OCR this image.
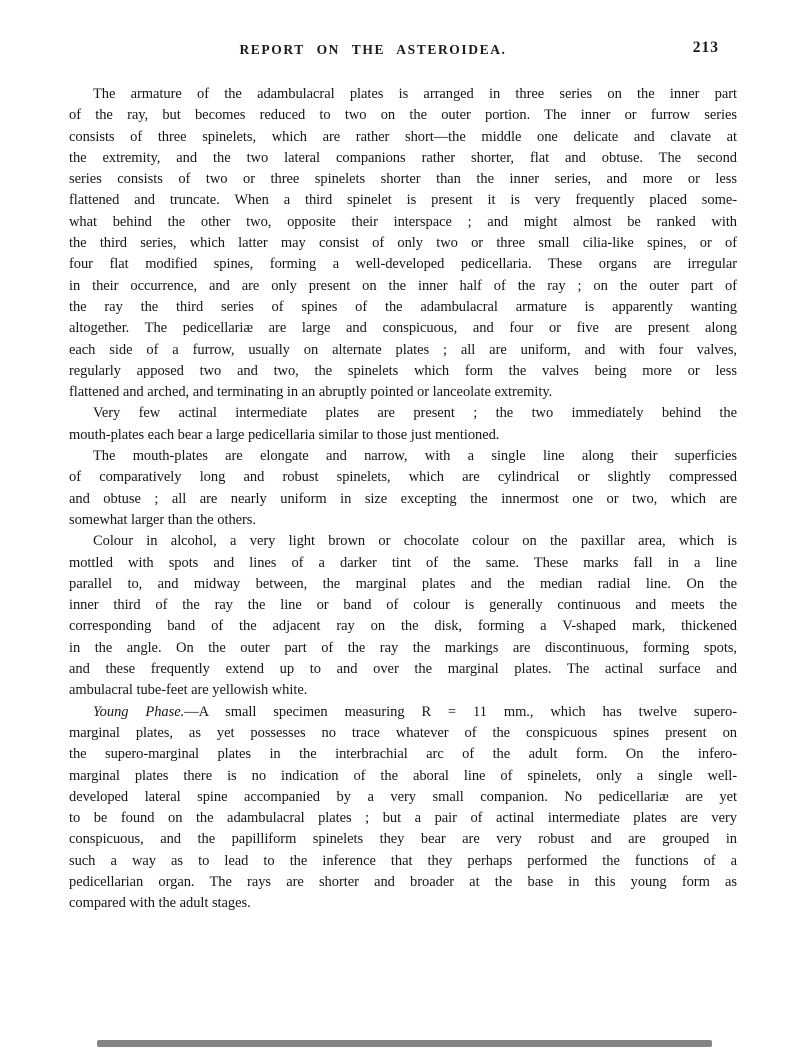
REPORT ON THE ASTEROIDEA.	213
The armature of the adambulacral plates is arranged in three series on the inner part
of the ray, but becomes reduced to two on the outer portion. The inner or furrow series
consists of three spinelets, which are rather short—the middle one delicate and clavate at
the extremity, and the two lateral companions rather shorter, flat and obtuse. The second
series consists of two or three spinelets shorter than the inner series, and more or less
flattened and truncate. When a third spinelet is present it is very frequently placed some-
what behind the other two, opposite their interspace ; and might almost be ranked with
the third series, which latter may consist of only two or three small cilia-like spines, or of
four flat modified spines, forming a well-developed pedicellaria. These organs are irregular
in their occurrence, and are only present on the inner half of the ray ; on the outer part of
the ray the third series of spines of the adambulacral armature is apparently wanting
altogether. The pedicellariæ are large and conspicuous, and four or five are present along
each side of a furrow, usually on alternate plates ; all are uniform, and with four valves,
regularly apposed two and two, the spinelets which form the valves being more or less
flattened and arched, and terminating in an abruptly pointed or lanceolate extremity.
Very few actinal intermediate plates are present ; the two immediately behind the
mouth-plates each bear a large pedicellaria similar to those just mentioned.
The mouth-plates are elongate and narrow, with a single line along their superficies
of comparatively long and robust spinelets, which are cylindrical or slightly compressed
and obtuse ; all are nearly uniform in size excepting the innermost one or two, which are
somewhat larger than the others.
Colour in alcohol, a very light brown or chocolate colour on the paxillar area, which is
mottled with spots and lines of a darker tint of the same. These marks fall in a line
parallel to, and midway between, the marginal plates and the median radial line. On the
inner third of the ray the line or band of colour is generally continuous and meets the
corresponding band of the adjacent ray on the disk, forming a V-shaped mark, thickened
in the angle. On the outer part of the ray the markings are discontinuous, forming spots,
and these frequently extend up to and over the marginal plates. The actinal surface and
ambulacral tube-feet are yellowish white.
Young Phase.—A small specimen measuring R = 11 mm., which has twelve supero-
marginal plates, as yet possesses no trace whatever of the conspicuous spines present on
the supero-marginal plates in the interbrachial arc of the adult form. On the infero-
marginal plates there is no indication of the aboral line of spinelets, only a single well-
developed lateral spine accompanied by a very small companion. No pedicellariæ are yet
to be found on the adambulacral plates ; but a pair of actinal intermediate plates are very
conspicuous, and the papilliform spinelets they bear are very robust and are grouped in
such a way as to lead to the inference that they perhaps performed the functions of a
pedicellarian organ. The rays are shorter and broader at the base in this young form as
compared with the adult stages.
